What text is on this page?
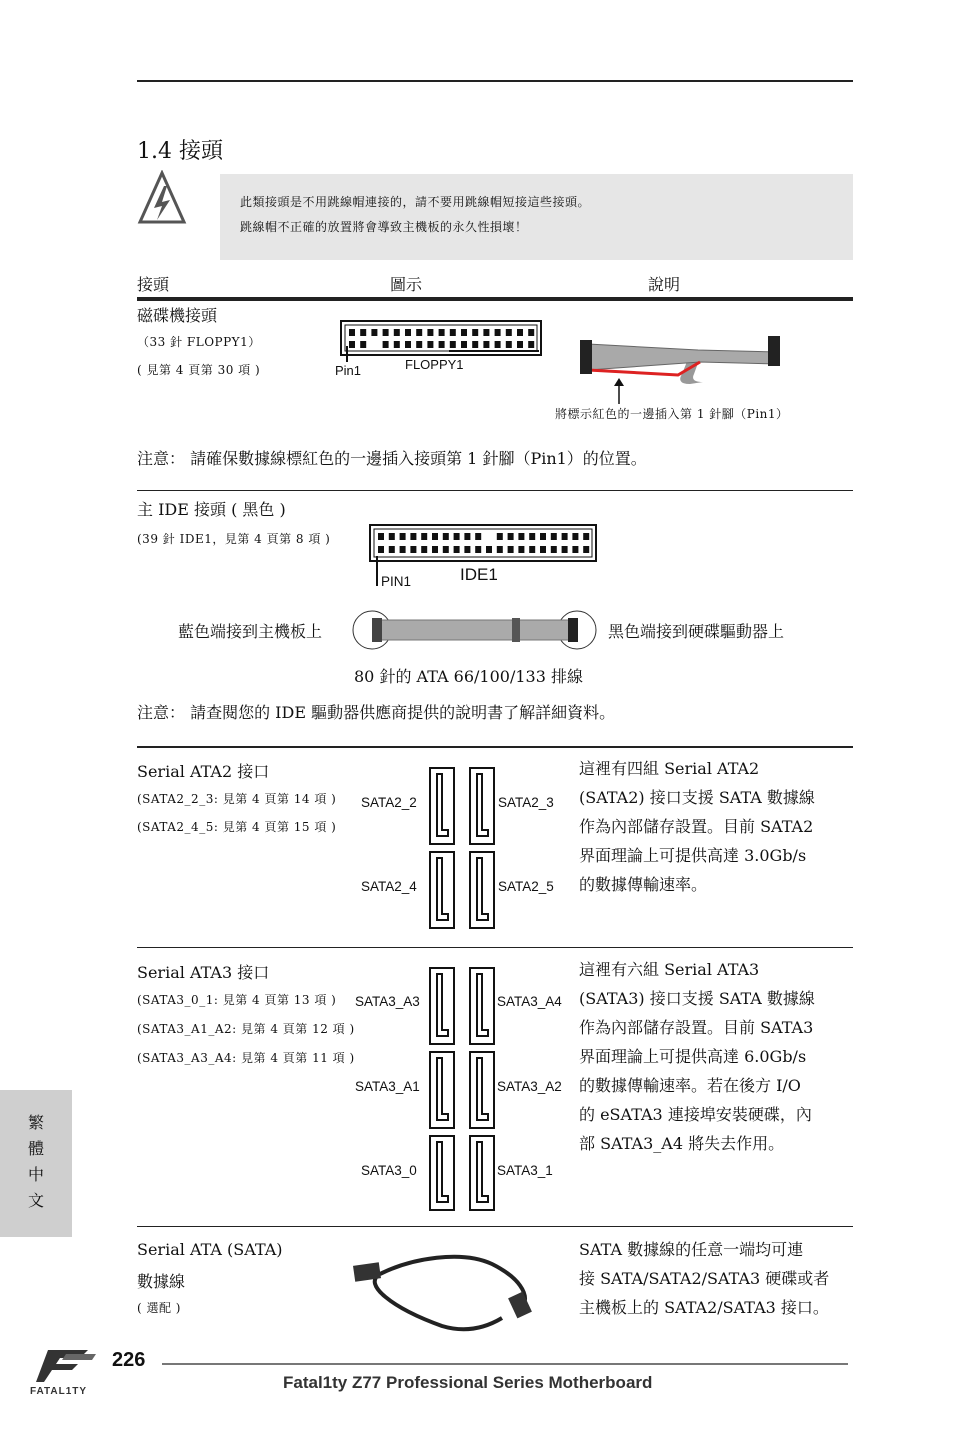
1.4 接頭
此類接頭是不用跳線帽連接的，請不要用跳線帽短接這些接頭。
跳線帽不正確的放置將會導致主機板的永久性損壞！
接頭	圖示	說明
磁碟機接頭
（33 針 FLOPPY1）
( 見第 4 頁第 30 項 )	Pin1	FLOPPY1
將標示紅色的一邊插入第 1 針腳（Pin1）
注意： 請確保數據線標紅色的一邊插入接頭第 1 針腳（Pin1）的位置。
主 IDE 接頭 ( 黑色 )
(39 針 IDE1，見第 4 頁第 8 項 )
PIN1	IDE1
藍色端接到主機板上	黑色端接到硬碟驅動器上
80 針的 ATA 66/100/133 排線
注意： 請查閱您的 IDE 驅動器供應商提供的說明書了解詳細資料。
Serial ATA2 接口
(SATA2_2_3: 見第 4 頁第 14 項 )
(SATA2_4_5: 見第 4 頁第 15 項 )
SATA2_2	SATA2_3
SATA2_4	SATA2_5
這裡有四組 Serial ATA2
(SATA2) 接口支援 SATA 數據線
作為內部儲存設置。目前 SATA2
界面理論上可提供高達 3.0Gb/s
的數據傳輸速率。
Serial ATA3 接口
(SATA3_0_1: 見第 4 頁第 13 項 )
(SATA3_A1_A2: 見第 4 頁第 12 項 )
(SATA3_A3_A4: 見第 4 頁第 11 項 )
SATA3_A3	SATA3_A4
SATA3_A1	SATA3_A2
SATA3_0	SATA3_1
這裡有六組 Serial ATA3
(SATA3) 接口支援 SATA 數據線
作為內部儲存設置。目前 SATA3
界面理論上可提供高達 6.0Gb/s
的數據傳輸速率。若在後方 I/O
的 eSATA3 連接埠安裝硬碟，內
部 SATA3_A4 將失去作用。
Serial ATA (SATA)
數據線
( 選配 )
SATA 數據線的任意一端均可連
接 SATA/SATA2/SATA3 硬碟或者
主機板上的 SATA2/SATA3 接口。
繁
體
中
文
FATAL1TY
226
Fatal1ty Z77 Professional Series Motherboard
